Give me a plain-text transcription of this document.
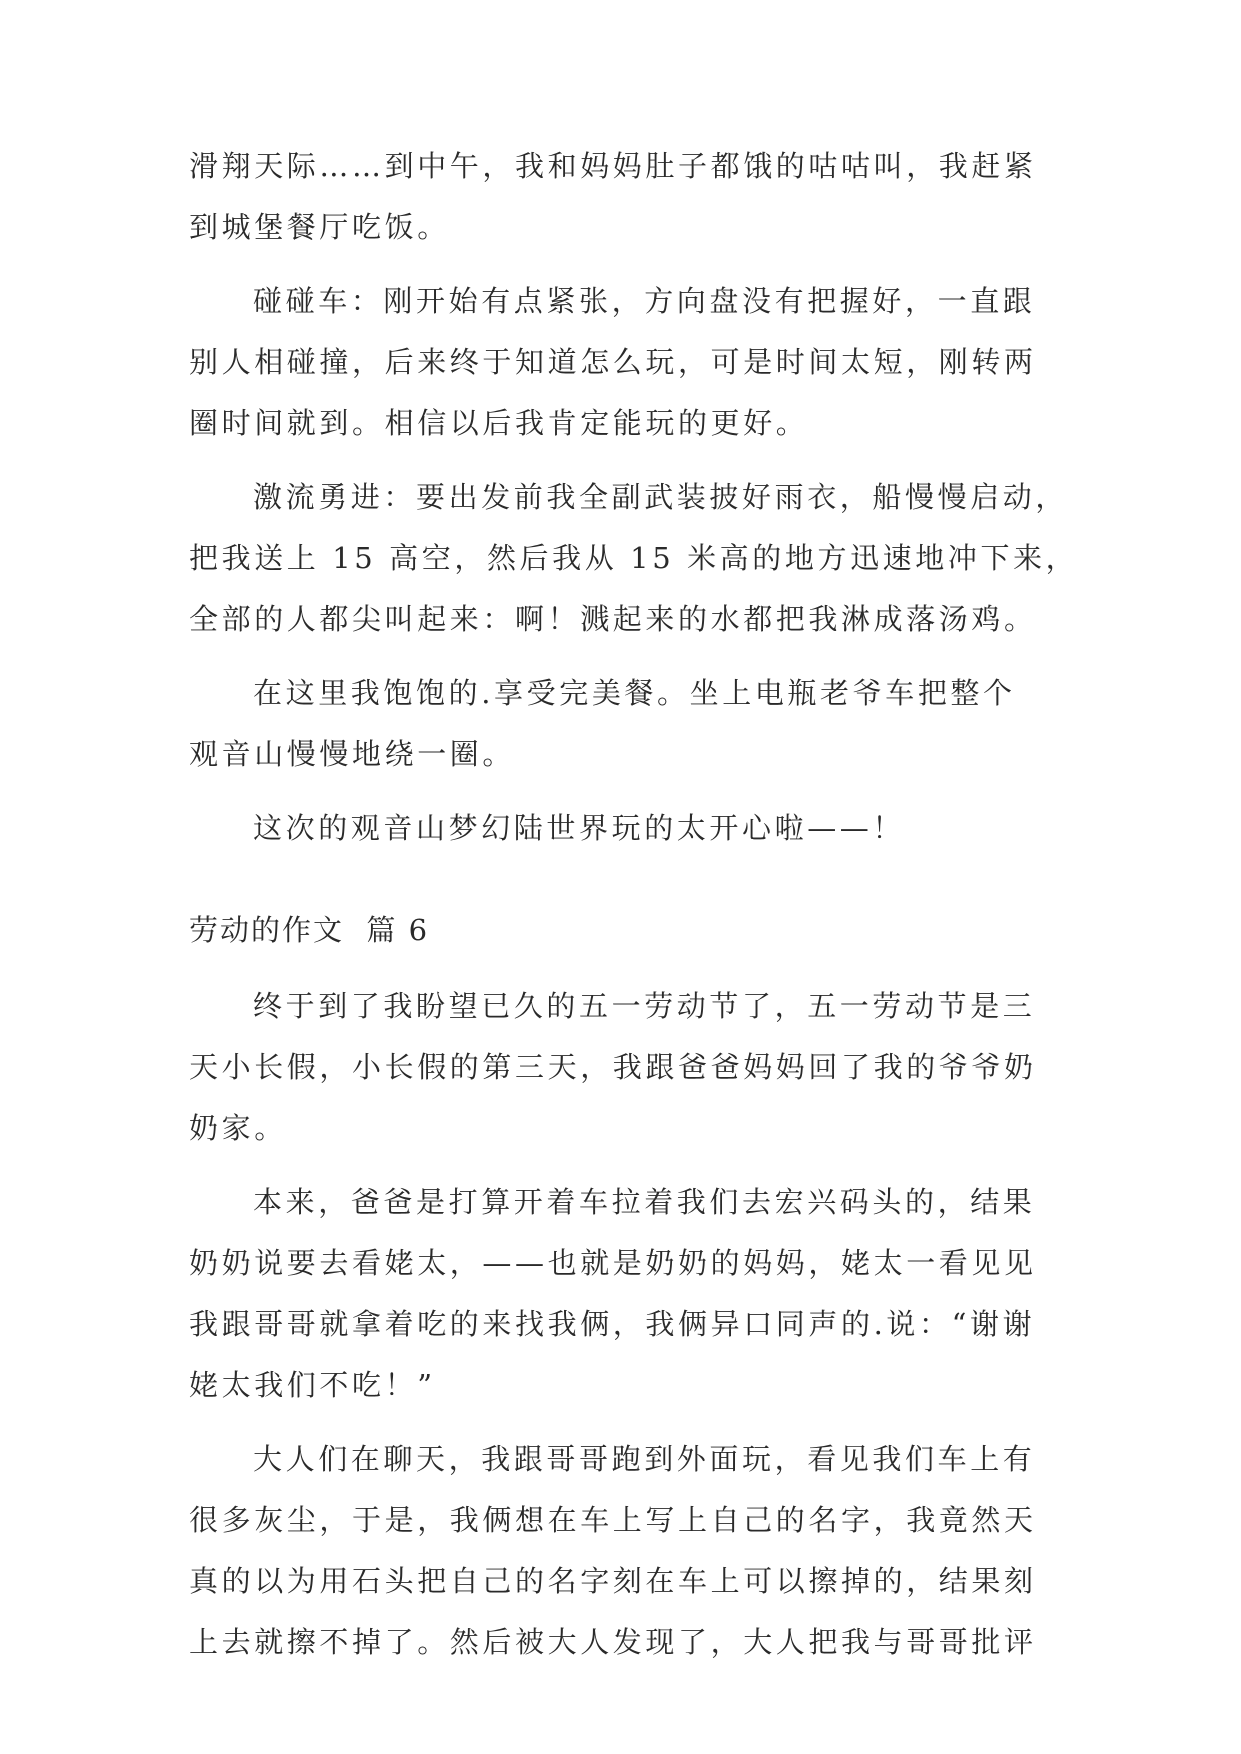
滑翔天际……到中午，我和妈妈肚子都饿的咕咕叫，我赶紧
到城堡餐厅吃饭。
碰碰车：刚开始有点紧张，方向盘没有把握好，一直跟
别人相碰撞，后来终于知道怎么玩，可是时间太短，刚转两
圈时间就到。相信以后我肯定能玩的更好。
激流勇进：要出发前我全副武装披好雨衣，船慢慢启动，
把我送上 15 高空，然后我从 15 米高的地方迅速地冲下来，
全部的人都尖叫起来：啊！溅起来的水都把我淋成落汤鸡。
在这里我饱饱的.享受完美餐。坐上电瓶老爷车把整个
观音山慢慢地绕一圈。
这次的观音山梦幻陆世界玩的太开心啦——！
劳动的作文  篇 6
终于到了我盼望已久的五一劳动节了，五一劳动节是三
天小长假，小长假的第三天，我跟爸爸妈妈回了我的爷爷奶
奶家。
本来，爸爸是打算开着车拉着我们去宏兴码头的，结果
奶奶说要去看姥太，——也就是奶奶的妈妈，姥太一看见见
我跟哥哥就拿着吃的来找我俩，我俩异口同声的.说：“谢谢
姥太我们不吃！”
大人们在聊天，我跟哥哥跑到外面玩，看见我们车上有
很多灰尘，于是，我俩想在车上写上自己的名字，我竟然天
真的以为用石头把自己的名字刻在车上可以擦掉的，结果刻
上去就擦不掉了。然后被大人发现了，大人把我与哥哥批评
